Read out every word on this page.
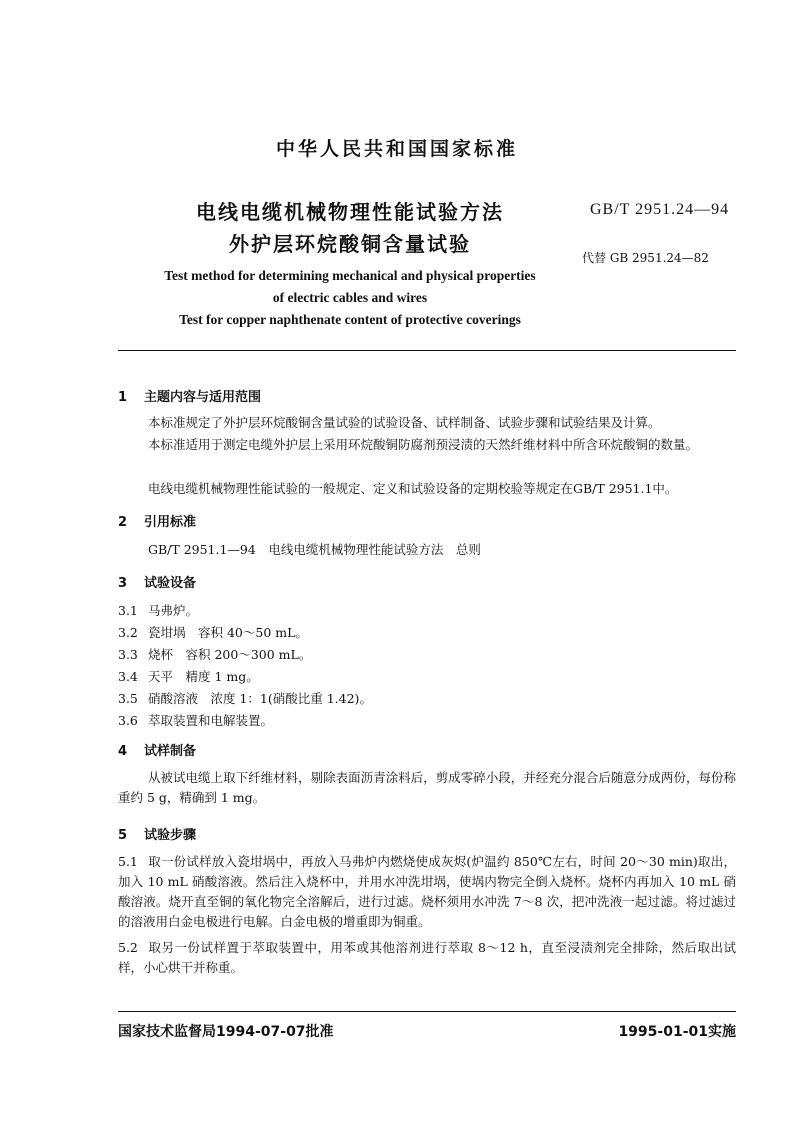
中华人民共和国国家标准
电线电缆机械物理性能试验方法
外护层环烷酸铜含量试验
GB/T 2951.24—94
代替 GB 2951.24—82
Test method for determining mechanical and physical properties
of electric cables and wires
Test for copper naphthenate content of protective coverings
1 主题内容与适用范围
本标准规定了外护层环烷酸铜含量试验的试验设备、试样制备、试验步骤和试验结果及计算。
本标准适用于测定电缆外护层上采用环烷酸铜防腐剂预浸渍的天然纤维材料中所含环烷酸铜的数量。
电线电缆机械物理性能试验的一般规定、定义和试验设备的定期校验等规定在GB/T 2951.1中。
2 引用标准
GB/T 2951.1—94　电线电缆机械物理性能试验方法　总则
3 试验设备
3.1 马弗炉。
3.2 瓷坩埚　容积 40～50 mL。
3.3 烧杯　容积 200～300 mL。
3.4 天平　精度 1 mg。
3.5 硝酸溶液　浓度 1：1(硝酸比重 1.42)。
3.6 萃取装置和电解装置。
4 试样制备
从被试电缆上取下纤维材料，剔除表面沥青涂料后，剪成零碎小段，并经充分混合后随意分成两份，每份称重约 5 g，精确到 1 mg。
5 试验步骤
5.1 取一份试样放入瓷坩埚中，再放入马弗炉内燃烧使成灰烬(炉温约 850℃左右，时间 20～30 min)取出，加入 10 mL 硝酸溶液。然后注入烧杯中，并用水冲洗坩埚，使埚内物完全倒入烧杯。烧杯内再加入 10 mL 硝酸溶液。烧开直至铜的氧化物完全溶解后，进行过滤。烧杯须用水冲洗 7～8 次，把冲洗液一起过滤。将过滤过的溶液用白金电极进行电解。白金电极的增重即为铜重。
5.2 取另一份试样置于萃取装置中，用苯或其他溶剂进行萃取 8～12 h，直至浸渍剂完全排除，然后取出试样，小心烘干并称重。
国家技术监督局1994-07-07批准	1995-01-01实施
